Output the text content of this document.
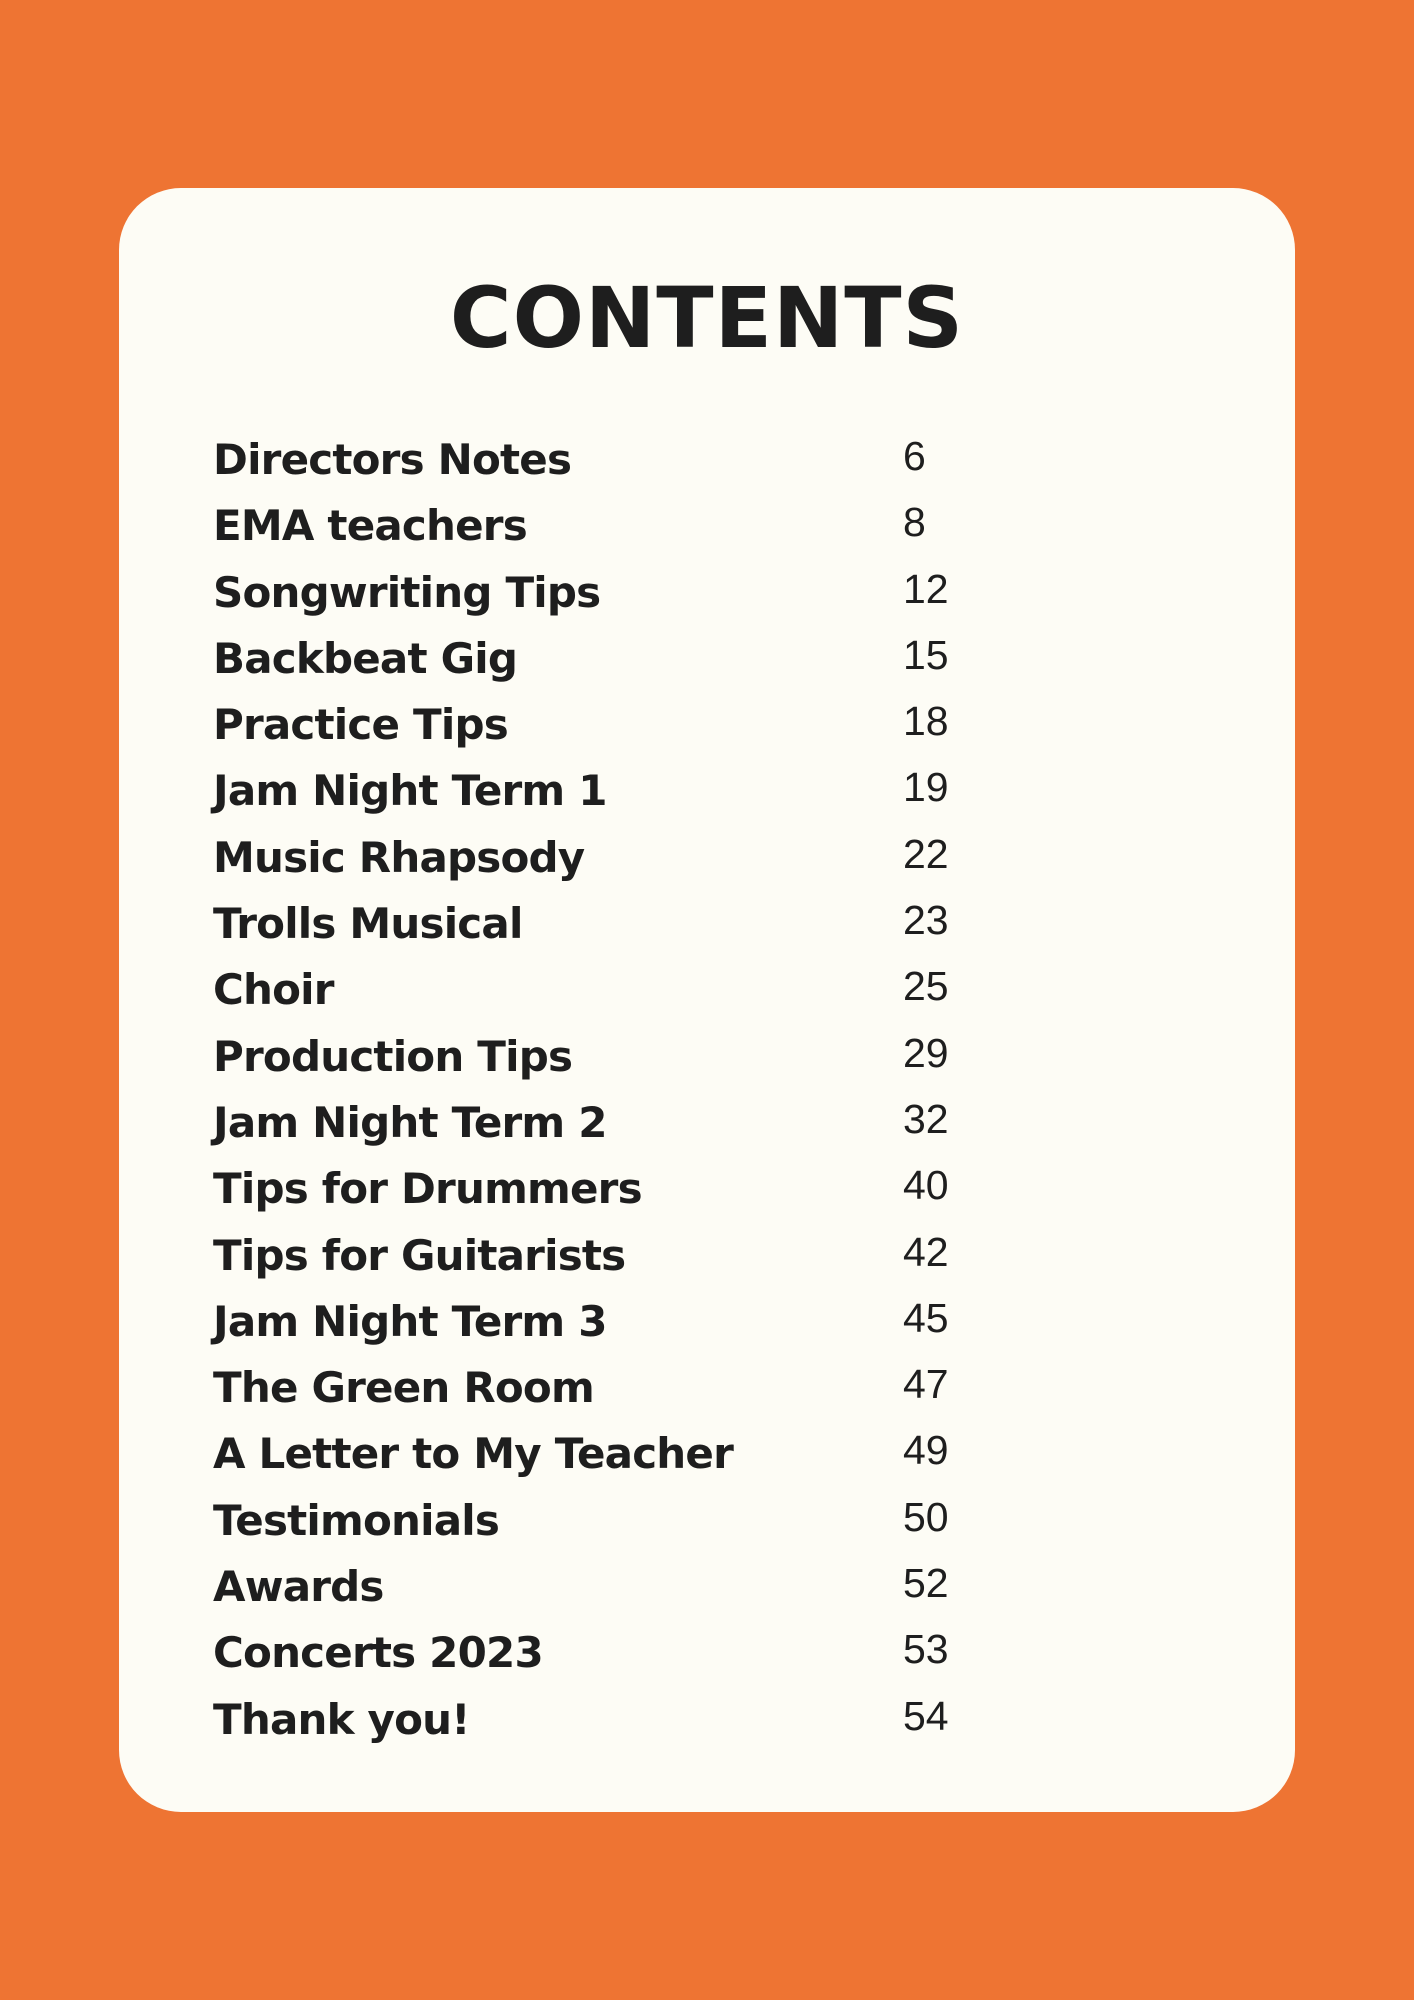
CONTENTS
Directors Notes	6
EMA teachers	8
Songwriting Tips	12
Backbeat Gig	15
Practice Tips	18
Jam Night Term 1	19
Music Rhapsody	22
Trolls Musical	23
Choir	25
Production Tips	29
Jam Night Term 2	32
Tips for Drummers	40
Tips for Guitarists	42
Jam Night Term 3	45
The Green Room	47
A Letter to My Teacher	49
Testimonials	50
Awards	52
Concerts 2023	53
Thank you!	54
